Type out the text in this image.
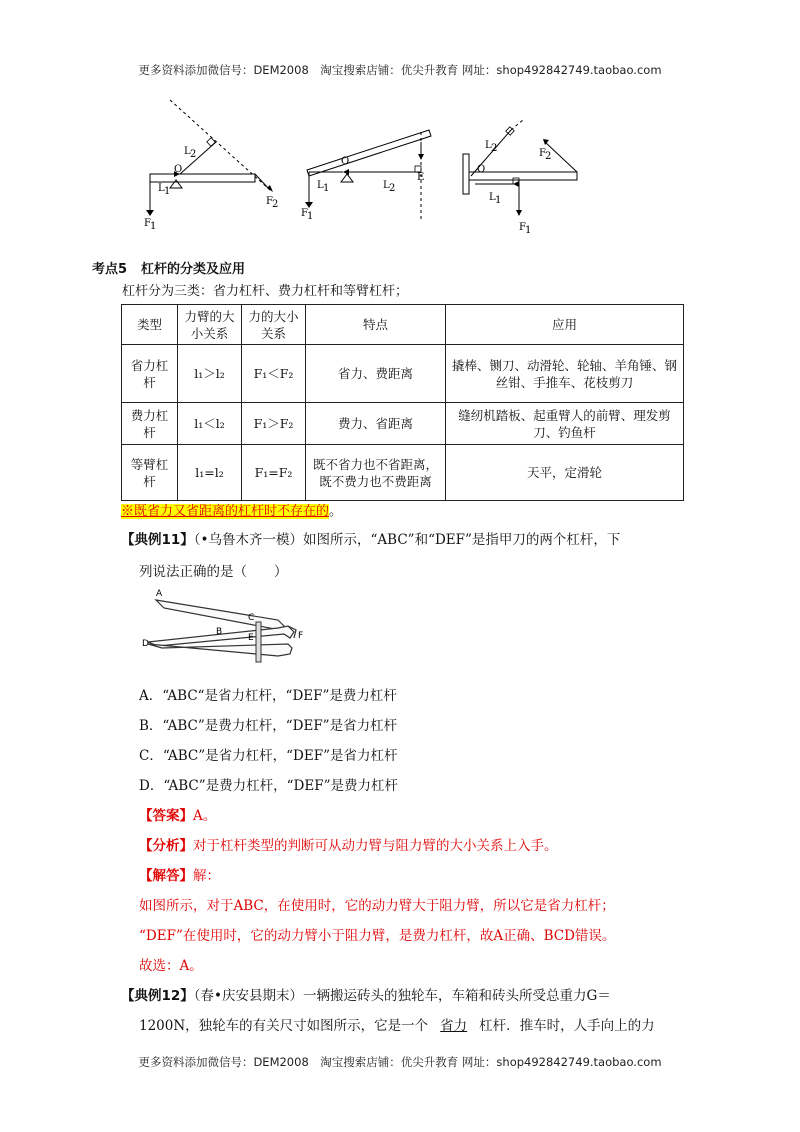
更多资料添加微信号：DEM2008　淘宝搜索店铺：优尖升教育 网址：shop492842749.taobao.com
L 2
O
L 1
F 1
F 2
O
L 1	L 2
E
F 1
L 2	F 2
O
L 1
F 1
考点5 杠杆的分类及应用
杠杆分为三类：省力杠杆、费力杠杆和等臂杠杆；
类型	力臂的大小关系	力的大小关系	特点	应用
省力杠杆	l₁＞l₂	F₁＜F₂	省力、费距离	撬棒、铡刀、动滑轮、轮轴、羊角锤、钢丝钳、手推车、花枝剪刀
费力杠杆	l₁＜l₂	F₁＞F₂	费力、省距离	缝纫机踏板、起重臂人的前臂、理发剪刀、钓鱼杆
等臂杠杆	l₁=l₂	F₁=F₂	既不省力也不省距离，既不费力也不费距离	天平，定滑轮
※既省力又省距离的杠杆时不存在的。
【典例11】（•乌鲁木齐一模）如图所示，“ABC”和“DEF”是指甲刀的两个杠杆，下
列说法正确的是（　　）
A
B
C
D
E	F
A．“ABC“是省力杠杆，“DEF”是费力杠杆
B．“ABC”是费力杠杆，“DEF”是省力杠杆
C．“ABC”是省力杠杆，“DEF”是省力杠杆
D．“ABC”是费力杠杆，“DEF”是费力杠杆
【答案】A。
【分析】对于杠杆类型的判断可从动力臂与阻力臂的大小关系上入手。
【解答】解：
如图所示，对于ABC，在使用时，它的动力臂大于阻力臂，所以它是省力杠杆；
“DEF”在使用时，它的动力臂小于阻力臂，是费力杠杆，故A正确、BCD错误。
故选：A。
【典例12】（春•庆安县期末）一辆搬运砖头的独轮车，车箱和砖头所受总重力G＝
1200N，独轮车的有关尺寸如图所示，它是一个 省力 杠杆．推车时，人手向上的力
更多资料添加微信号：DEM2008　淘宝搜索店铺：优尖升教育 网址：shop492842749.taobao.com
